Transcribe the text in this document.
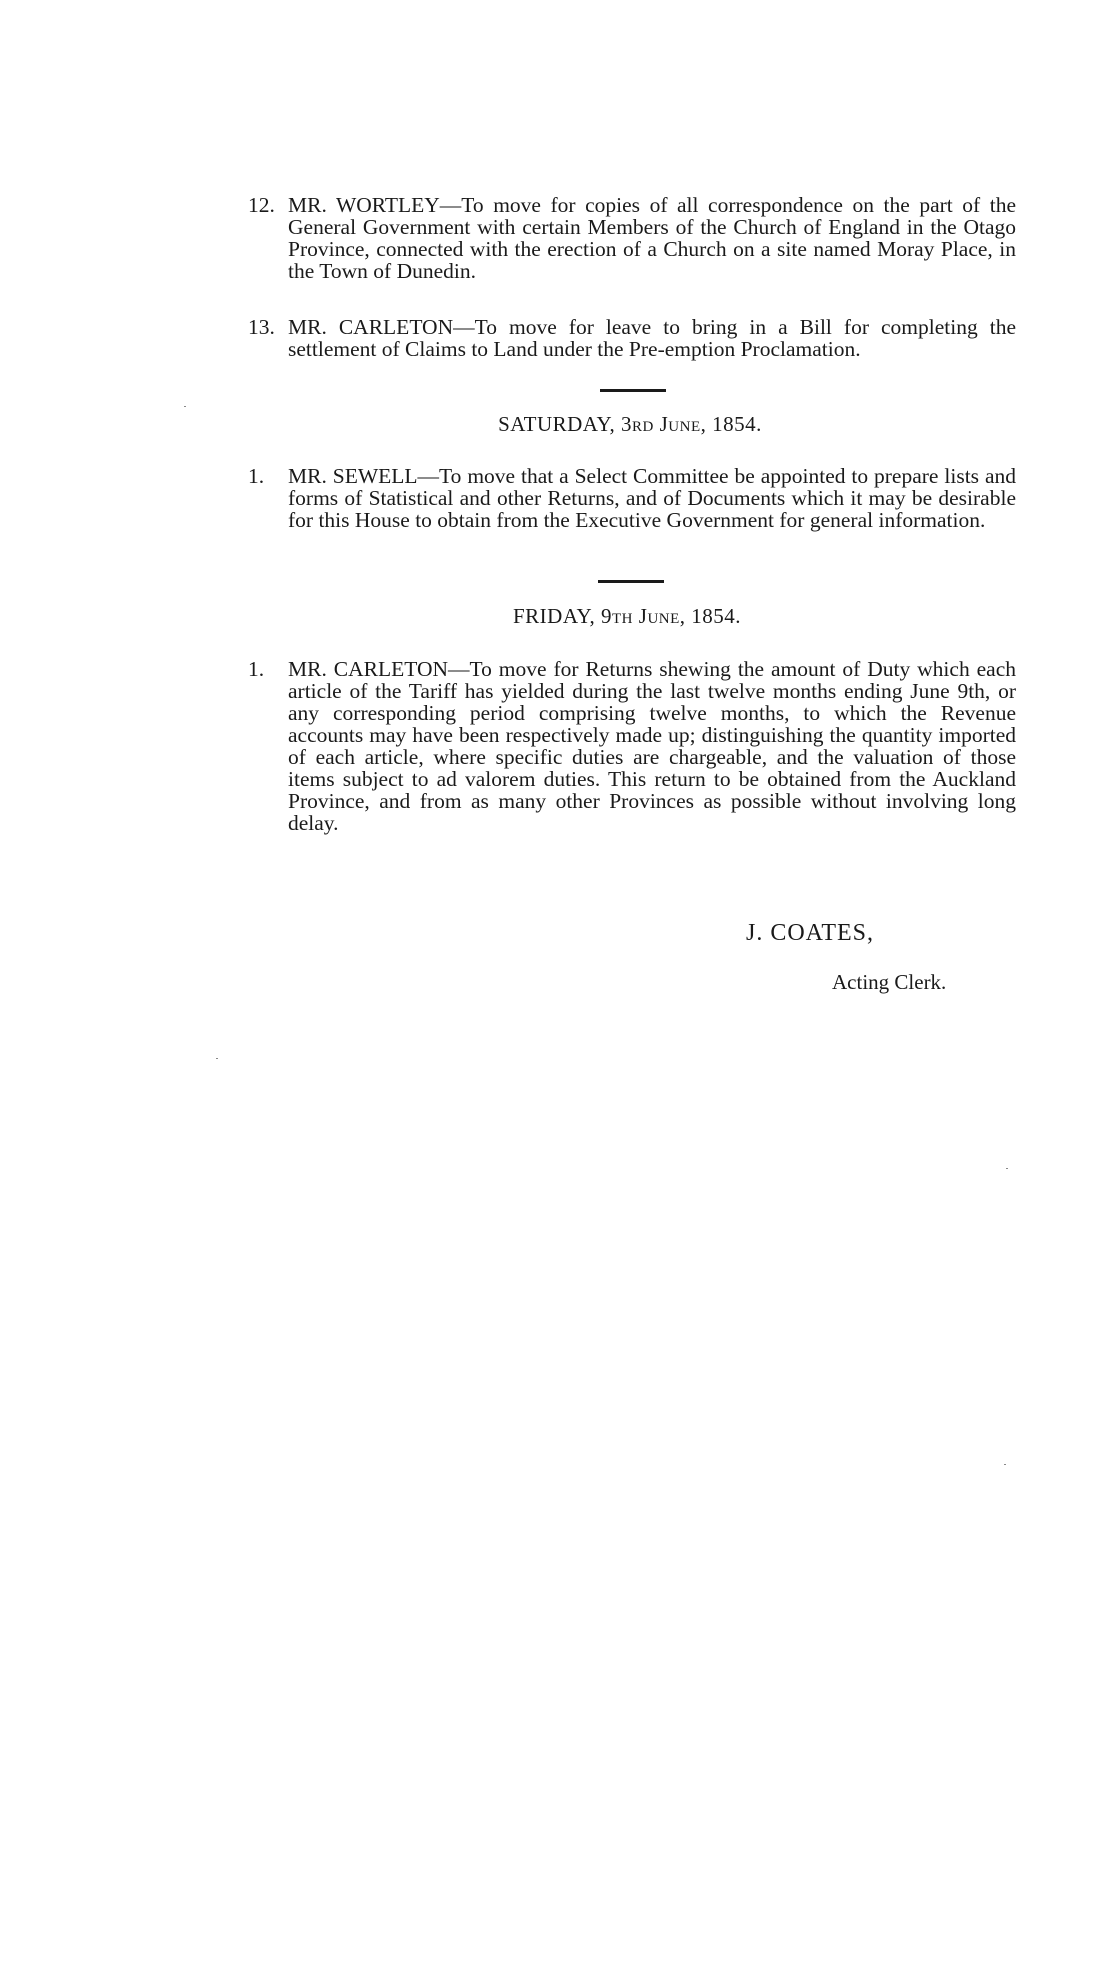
12. MR. WORTLEY—To move for copies of all correspondence on the part of the General Government with certain Members of the Church of England in the Otago Province, connected with the erection of a Church on a site named Moray Place, in the Town of Dunedin.
13. MR. CARLETON—To move for leave to bring in a Bill for completing the settlement of Claims to Land under the Pre-emption Proclamation.
SATURDAY, 3rd June, 1854.
1. MR. SEWELL—To move that a Select Committee be appointed to prepare lists and forms of Statistical and other Returns, and of Documents which it may be desirable for this House to obtain from the Executive Government for general information.
FRIDAY, 9th June, 1854.
1. MR. CARLETON—To move for Returns shewing the amount of Duty which each article of the Tariff has yielded during the last twelve months ending June 9th, or any corresponding period comprising twelve months, to which the Revenue accounts may have been respectively made up; distinguishing the quantity imported of each article, where specific duties are chargeable, and the valuation of those items subject to ad valorem duties. This return to be obtained from the Auckland Province, and from as many other Provinces as possible without involving long delay.
J. COATES,
Acting Clerk.
